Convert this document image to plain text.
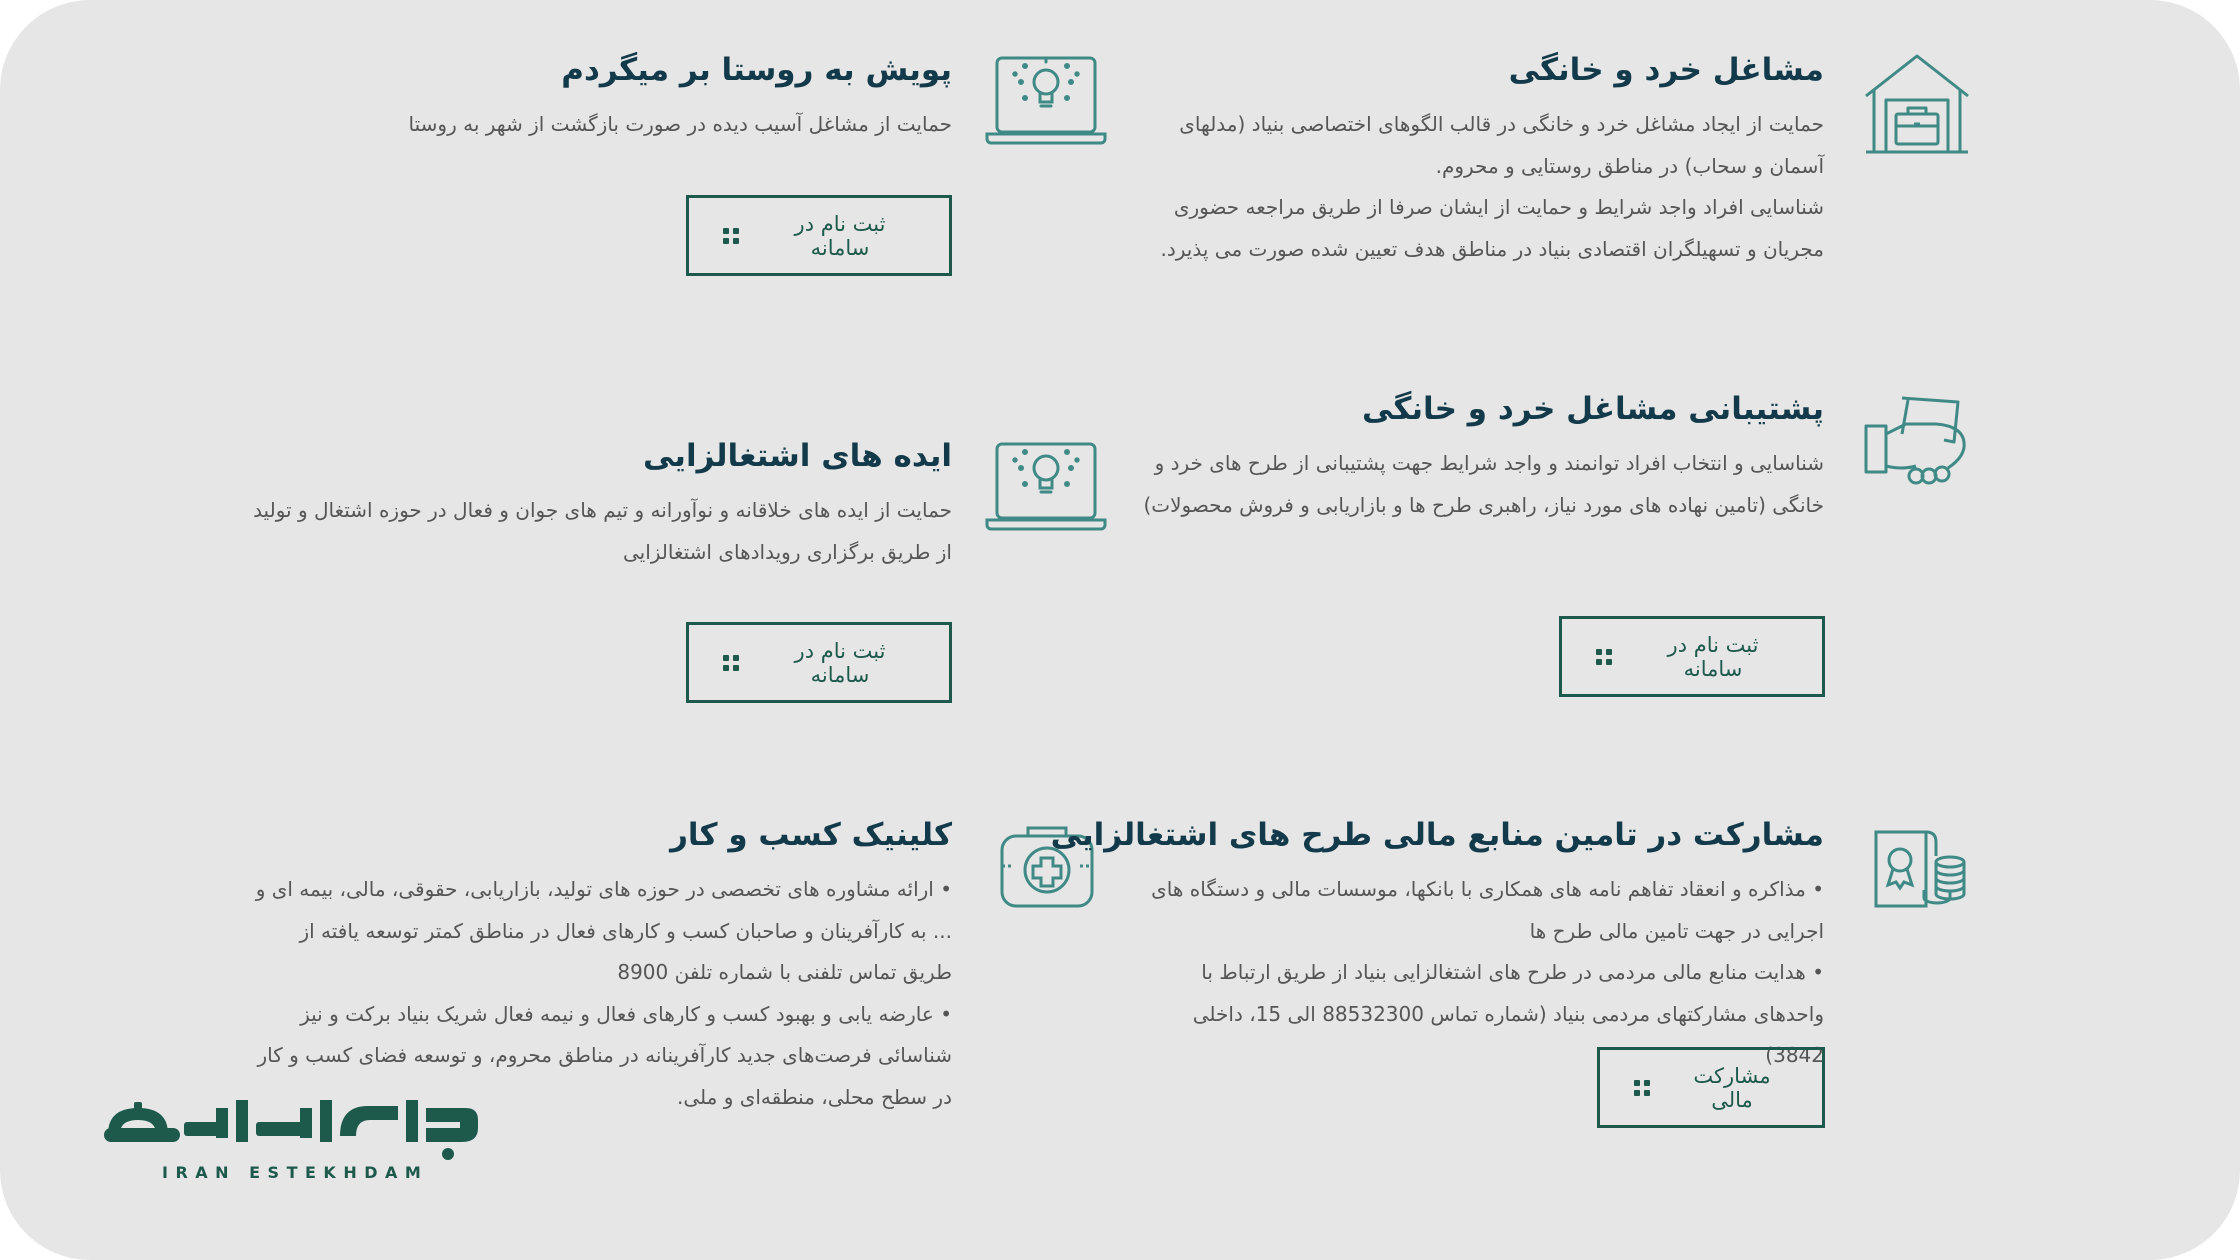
مشاغل خرد و خانگی

حمایت از ایجاد مشاغل خرد و خانگی در قالب الگوهای اختصاصی بنیاد (مدلهای آسمان و سحاب) در مناطق روستایی و محروم.

شناسایی افراد واجد شرایط و حمایت از ایشان صرفا از طریق مراجعه حضوری مجریان و تسهیلگران اقتصادی بنیاد در مناطق هدف تعیین شده صورت می پذیرد.

پویش به روستا بر میگردم

حمایت از مشاغل آسیب دیده در صورت بازگشت از شهر به روستا

ثبت نام در سامانه
پشتیبانی مشاغل خرد و خانگی

شناسایی و انتخاب افراد توانمند و واجد شرایط جهت پشتیبانی از طرح های خرد و خانگی (تامین نهاده های مورد نیاز، راهبری طرح ها و بازاریابی و فروش محصولات)

ثبت نام در سامانه
ایده های اشتغالزایی

حمایت از ایده های خلاقانه و نوآورانه و تیم های جوان و فعال در حوزه اشتغال و تولید از طریق برگزاری رویدادهای اشتغالزایی

ثبت نام در سامانه
مشارکت در تامین منابع مالی طرح های اشتغالزایی

• مذاکره و انعقاد تفاهم نامه های همکاری با بانکها، موسسات مالی و دستگاه های اجرایی در جهت تامین مالی طرح ها

• هدایت منابع مالی مردمی در طرح های اشتغالزایی بنیاد از طریق ارتباط با واحدهای مشارکتهای مردمی بنیاد (شماره تماس 88532300 الی 15، داخلی 3842)

مشارکت مالی
کلینیک کسب و کار

• ارائه مشاوره های تخصصی در حوزه های تولید، بازاریابی، حقوقی، مالی، بیمه ای و ... به کارآفرینان و صاحبان کسب و کارهای فعال در مناطق کمتر توسعه یافته از طریق تماس تلفنی با شماره تلفن 8900

• عارضه یابی و بهبود کسب و کارهای فعال و نیمه فعال شریک بنیاد برکت و نیز شناسائی فرصت‌های جدید کارآفرینانه در مناطق محروم، و توسعه فضای کسب و کار در سطح محلی، منطقه‌ای و ملی.

IRAN ESTEKHDAM
